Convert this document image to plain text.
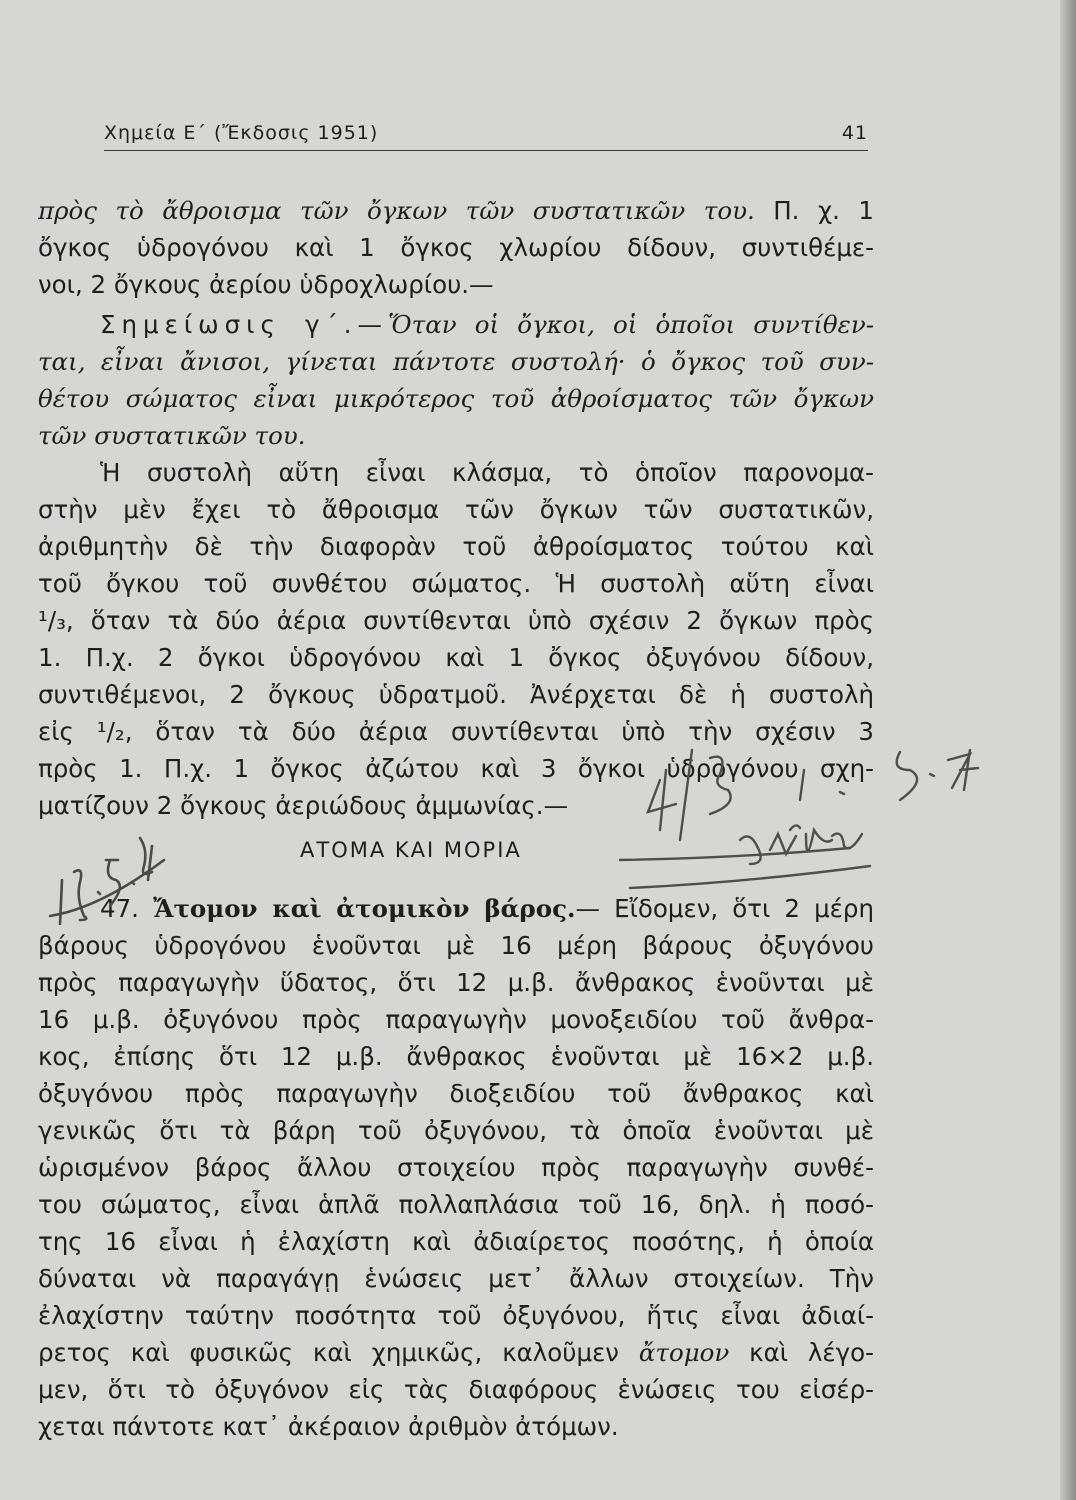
Χημεία Ε΄ (Ἔκδοσις 1951)	41
πρὸς τὸ ἄθροισμα τῶν ὄγκων τῶν συστατικῶν του. Π. χ. 1
ὄγκος ὑδρογόνου καὶ 1 ὄγκος χλωρίου δίδουν, συντιθέμε-
νοι, 2 ὄγκους ἀερίου ὑδροχλωρίου.—
Σημείωσις γ΄.—Ὅταν οἱ ὄγκοι, οἱ ὁποῖοι συντίθεν-
ται, εἶναι ἄνισοι, γίνεται πάντοτε συστολή· ὁ ὄγκος τοῦ συν-
θέτου σώματος εἶναι μικρότερος τοῦ ἀθροίσματος τῶν ὄγκων
τῶν συστατικῶν του.
Ἡ συστολὴ αὕτη εἶναι κλάσμα, τὸ ὁποῖον παρονομα-
στὴν μὲν ἔχει τὸ ἄθροισμα τῶν ὄγκων τῶν συστατικῶν,
ἀριθμητὴν δὲ τὴν διαφορὰν τοῦ ἀθροίσματος τούτου καὶ
τοῦ ὄγκου τοῦ συνθέτου σώματος. Ἡ συστολὴ αὕτη εἶναι
¹/₃, ὅταν τὰ δύο ἀέρια συντίθενται ὑπὸ σχέσιν 2 ὄγκων πρὸς
1. Π.χ. 2 ὄγκοι ὑδρογόνου καὶ 1 ὄγκος ὀξυγόνου δίδουν,
συντιθέμενοι, 2 ὄγκους ὑδρατμοῦ. Ἀνέρχεται δὲ ἡ συστολὴ
εἰς ¹/₂, ὅταν τὰ δύο ἀέρια συντίθενται ὑπὸ τὴν σχέσιν 3
πρὸς 1. Π.χ. 1 ὄγκος ἀζώτου καὶ 3 ὄγκοι ὑδρογόνου σχη-
ματίζουν 2 ὄγκους ἀεριώδους ἀμμωνίας.—
ΑΤΟΜΑ ΚΑΙ ΜΟΡΙΑ
47. Ἄτομον καὶ ἀτομικὸν βάρος.— Εἴδομεν, ὅτι 2 μέρη
βάρους ὑδρογόνου ἑνοῦνται μὲ 16 μέρη βάρους ὀξυγόνου
πρὸς παραγωγὴν ὕδατος, ὅτι 12 μ.β. ἄνθρακος ἑνοῦνται μὲ
16 μ.β. ὀξυγόνου πρὸς παραγωγὴν μονοξειδίου τοῦ ἄνθρα-
κος, ἐπίσης ὅτι 12 μ.β. ἄνθρακος ἑνοῦνται μὲ 16×2 μ.β.
ὀξυγόνου πρὸς παραγωγὴν διοξειδίου τοῦ ἄνθρακος καὶ
γενικῶς ὅτι τὰ βάρη τοῦ ὀξυγόνου, τὰ ὁποῖα ἑνοῦνται μὲ
ὡρισμένον βάρος ἄλλου στοιχείου πρὸς παραγωγὴν συνθέ-
του σώματος, εἶναι ἁπλᾶ πολλαπλάσια τοῦ 16, δηλ. ἡ ποσό-
της 16 εἶναι ἡ ἐλαχίστη καὶ ἀδιαίρετος ποσότης, ἡ ὁποία
δύναται νὰ παραγάγῃ ἑνώσεις μετ᾽ ἄλλων στοιχείων. Τὴν
ἐλαχίστην ταύτην ποσότητα τοῦ ὀξυγόνου, ἥτις εἶναι ἀδιαί-
ρετος καὶ φυσικῶς καὶ χημικῶς, καλοῦμεν ἄτομον καὶ λέγο-
μεν, ὅτι τὸ ὀξυγόνον εἰς τὰς διαφόρους ἑνώσεις του εἰσέρ-
χεται πάντοτε κατ᾽ ἀκέραιον ἀριθμὸν ἀτόμων.
